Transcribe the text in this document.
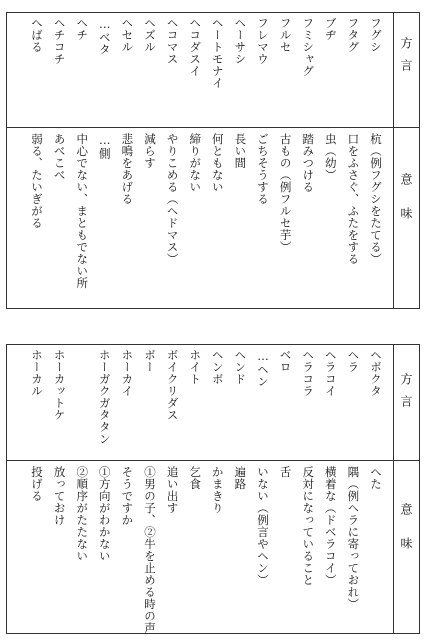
方言
意味
フグシ
杭（例フグシをたてる）
フタグ
口をふさぐ、ふたをする
ブヂ
虫（幼）
フミシャグ
踏みつける
フルセ
古もの（例フルセ芋）
フレマウ
ごちそうする
ヘーサシ
長い間
ヘートモナイ
何ともない
ヘコダスイ
締りがない
ヘコマス
やりこめる（ヘドマス）
ヘズル
減らす
ヘセル
悲鳴をあげる
…ベタ
…側
ヘチ
中心でない、まともでない所
ヘチコチ
あべこべ
へばる
弱る、たいぎがる
方言
意味
ヘボクタ
へた
ヘラ
隅（例ヘラに寄っておれ）
ヘラコイ
横着な（ドベラコイ）
ヘラコラ
反対になっていること
ベロ
舌
…ヘン
いない（例言やヘン）
ヘンド
遍路
ヘンボ
かまきり
ホイト
乞食
ボイクリダス
追い出す
ボー
①男の子、②牛を止める時の声
ホーカイ
そうですか
ホーガクガタタン
①方向がわかない
②順序がたたない
ホーカットケ
放っておけ
ホーカル
投げる
